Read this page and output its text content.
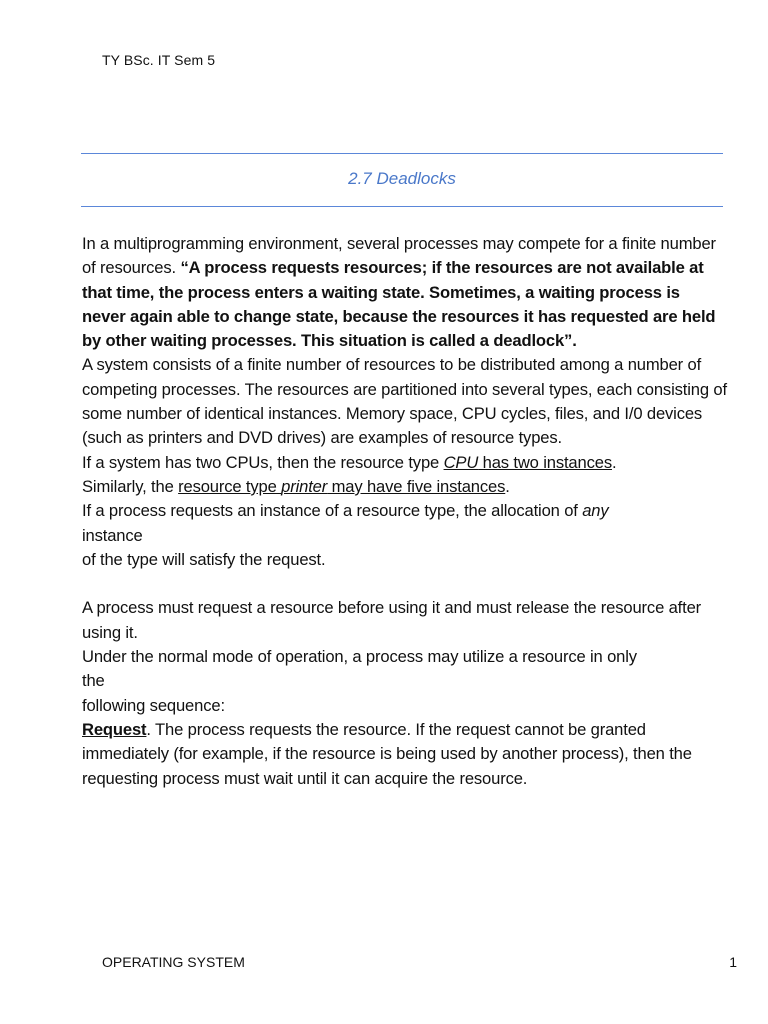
TY BSc. IT Sem 5
2.7 Deadlocks

In a multiprogramming environment, several processes may compete for a finite number of resources. “A process requests resources; if the resources are not available at that time, the process enters a waiting state. Sometimes, a waiting process is never again able to change state, because the resources it has requested are held by other waiting processes. This situation is called a deadlock”.

A system consists of a finite number of resources to be distributed among a number of competing processes. The resources are partitioned into several types, each consisting of some number of identical instances. Memory space, CPU cycles, files, and I/0 devices (such as printers and DVD drives) are examples of resource types.

If a system has two CPUs, then the resource type CPU has two instances.

Similarly, the resource type printer may have five instances.

If a process requests an instance of a resource type, the allocation of any
instance
of the type will satisfy the request.

A process must request a resource before using it and must release the resource after using it.

Under the normal mode of operation, a process may utilize a resource in only
the
following sequence:

Request. The process requests the resource. If the request cannot be granted immediately (for example, if the resource is being used by another process), then the requesting process must wait until it can acquire the resource.

OPERATING SYSTEM	1
